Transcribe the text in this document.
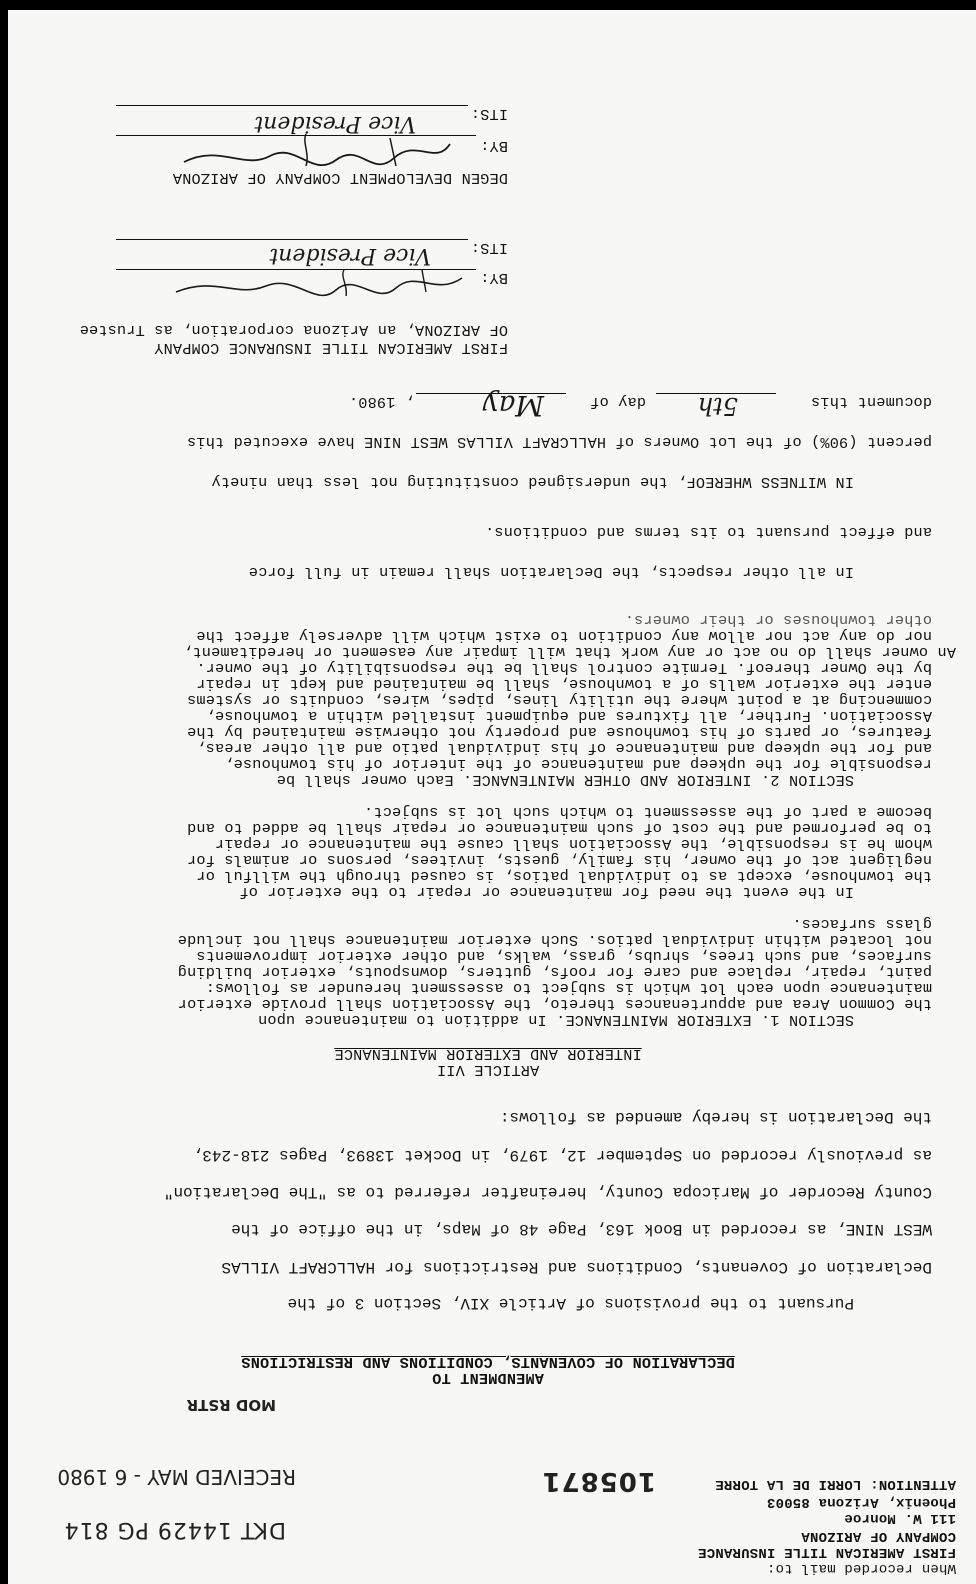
When recorded mail to:
FIRST AMERICAN TITLE INSURANCE
COMPANY OF ARIZONA
111 W. Monroe
Phoenix, Arizona 85003
ATTENTION: LORRI DE LA TORRE
105871
DKT 14429 PG 814
RECEIVED MAY - 6 1980
MOD RSTR
AMENDMENT TO
DECLARATION OF COVENANTS, CONDITIONS AND RESTRICTIONS
Pursuant to the provisions of Article XIV, Section 3 of the
Declaration of Covenants, Conditions and Restrictions for HALLCRAFT VILLAS
WEST NINE, as recorded in Book 163, Page 48 of Maps, in the office of the
County Recorder of Maricopa County, hereinafter referred to as "The Declaration"
as previously recorded on September 12, 1979, in Docket 13893, Pages 218-243,
the Declaration is hereby amended as follows:
ARTICLE VII
INTERIOR AND EXTERIOR MAINTENANCE
SECTION 1. EXTERIOR MAINTENANCE. In addition to maintenance upon
the Common Area and appurtenances thereto, the Association shall provide exterior
maintenance upon each lot which is subject to assessment hereunder as follows:
paint, repair, replace and care for roofs, gutters, downspouts, exterior building
surfaces, and such trees, shrubs, grass, walks, and other exterior improvements
not located within individual patios. Such exterior maintenance shall not include
glass surfaces.
In the event the need for maintenance or repair to the exterior of
the townhouse, except as to individual patios, is caused through the willful or
negligent act of the owner, his family, guests, invitees, persons or animals for
whom he is responsible, the Association shall cause the maintenance or repair
to be performed and the cost of such maintenance or repair shall be added to and
become a part of the assessment to which such lot is subject.
SECTION 2. INTERIOR AND OTHER MAINTENANCE. Each owner shall be
responsible for the upkeep and maintenance of the interior of his townhouse,
and for the upkeep and maintenance of his individual patio and all other areas,
features, or parts of his townhouse and property not otherwise maintained by the
Association. Further, all fixtures and equipment installed within a townhouse,
commencing at a point where the utility lines, pipes, wires, conduits or systems
enter the exterior walls of a townhouse, shall be maintained and kept in repair
by the Owner thereof. Termite control shall be the responsibility of the owner.
An owner shall do no act or any work that will impair any easement or hereditament,
nor do any act nor allow any condition to exist which will adversely affect the
other townhouses or their owners.
In all other respects, the Declaration shall remain in full force
and effect pursuant to its terms and conditions.
IN WITNESS WHEREOF, the undersigned constituting not less than ninety
percent (90%) of the Lot Owners of HALLCRAFT VILLAS WEST NINE have executed this
document this
5th
day of
May
, 1980.
FIRST AMERICAN TITLE INSURANCE COMPANY
OF ARIZONA, an Arizona corporation, as Trustee
BY:
ITS:
Vice President
DEGEN DEVELOPMENT COMPANY OF ARIZONA
BY:
ITS:
Vice President
